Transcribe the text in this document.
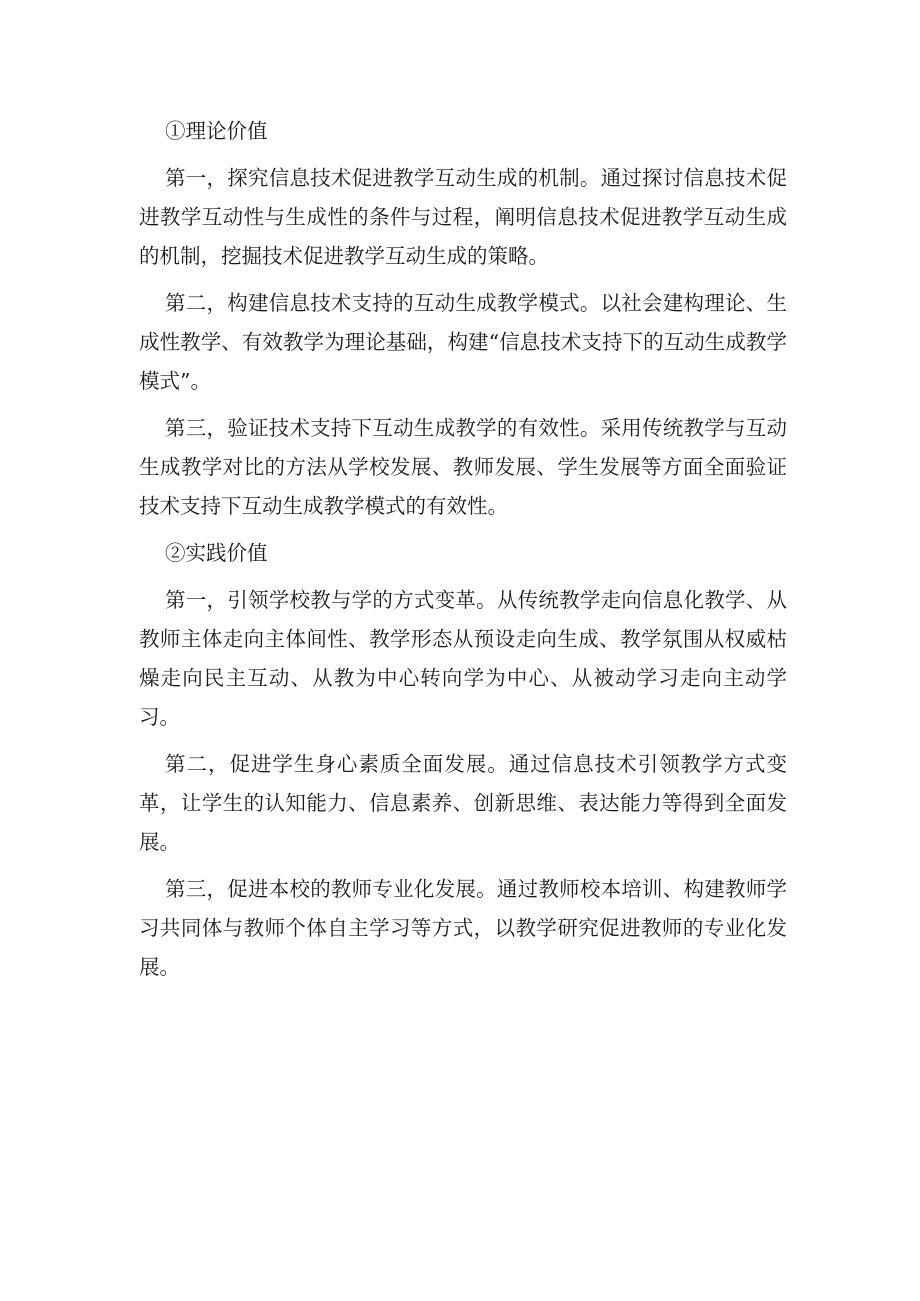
①理论价值

第一，探究信息技术促进教学互动生成的机制。通过探讨信息技术促进教学互动性与生成性的条件与过程，阐明信息技术促进教学互动生成的机制，挖掘技术促进教学互动生成的策略。

第二，构建信息技术支持的互动生成教学模式。以社会建构理论、生成性教学、有效教学为理论基础，构建“信息技术支持下的互动生成教学模式”。

第三，验证技术支持下互动生成教学的有效性。采用传统教学与互动生成教学对比的方法从学校发展、教师发展、学生发展等方面全面验证技术支持下互动生成教学模式的有效性。

②实践价值

第一，引领学校教与学的方式变革。从传统教学走向信息化教学、从教师主体走向主体间性、教学形态从预设走向生成、教学氛围从权威枯燥走向民主互动、从教为中心转向学为中心、从被动学习走向主动学习。

第二，促进学生身心素质全面发展。通过信息技术引领教学方式变革，让学生的认知能力、信息素养、创新思维、表达能力等得到全面发展。

第三，促进本校的教师专业化发展。通过教师校本培训、构建教师学习共同体与教师个体自主学习等方式，以教学研究促进教师的专业化发展。
